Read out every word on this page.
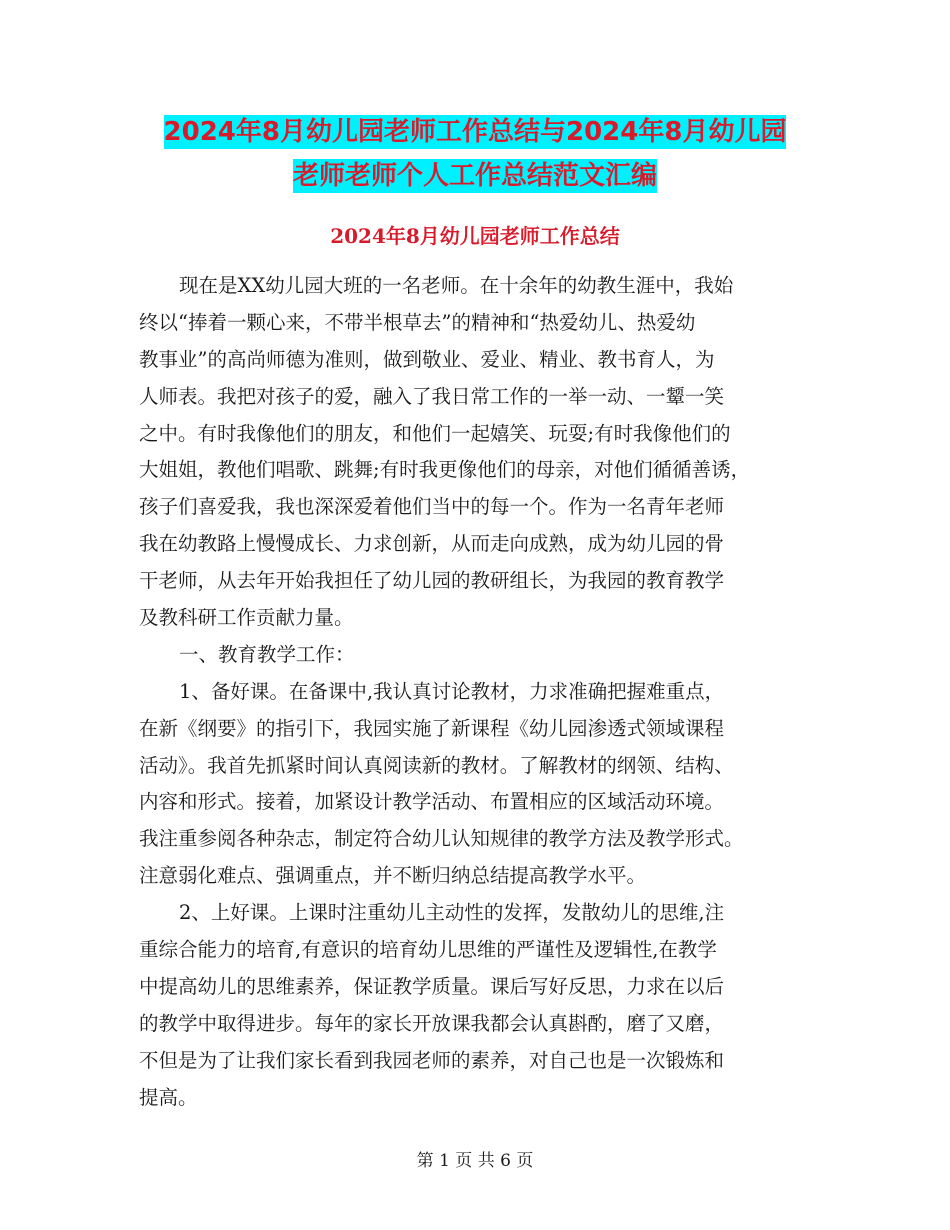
2024年8月幼儿园老师工作总结与2024年8月幼儿园
老师老师个人工作总结范文汇编
2024年8月幼儿园老师工作总结
现在是XX幼儿园大班的一名老师。在十余年的幼教生涯中，我始
终以“捧着一颗心来，不带半根草去”的精神和“热爱幼儿、热爱幼
教事业”的高尚师德为准则，做到敬业、爱业、精业、教书育人，为
人师表。我把对孩子的爱，融入了我日常工作的一举一动、一颦一笑
之中。有时我像他们的朋友，和他们一起嬉笑、玩耍;有时我像他们的
大姐姐，教他们唱歌、跳舞;有时我更像他们的母亲，对他们循循善诱，
孩子们喜爱我，我也深深爱着他们当中的每一个。作为一名青年老师
我在幼教路上慢慢成长、力求创新，从而走向成熟，成为幼儿园的骨
干老师，从去年开始我担任了幼儿园的教研组长，为我园的教育教学
及教科研工作贡献力量。
一、教育教学工作：
1、备好课。在备课中,我认真讨论教材，力求准确把握难重点，
在新《纲要》的指引下，我园实施了新课程《幼儿园渗透式领域课程
活动》。我首先抓紧时间认真阅读新的教材。了解教材的纲领、结构、
内容和形式。接着，加紧设计教学活动、布置相应的区域活动环境。
我注重参阅各种杂志，制定符合幼儿认知规律的教学方法及教学形式。
注意弱化难点、强调重点，并不断归纳总结提高教学水平。
2、上好课。上课时注重幼儿主动性的发挥，发散幼儿的思维,注
重综合能力的培育,有意识的培育幼儿思维的严谨性及逻辑性,在教学
中提高幼儿的思维素养，保证教学质量。课后写好反思，力求在以后
的教学中取得进步。每年的家长开放课我都会认真斟酌，磨了又磨，
不但是为了让我们家长看到我园老师的素养，对自己也是一次锻炼和
提高。
第 1 页 共 6 页
